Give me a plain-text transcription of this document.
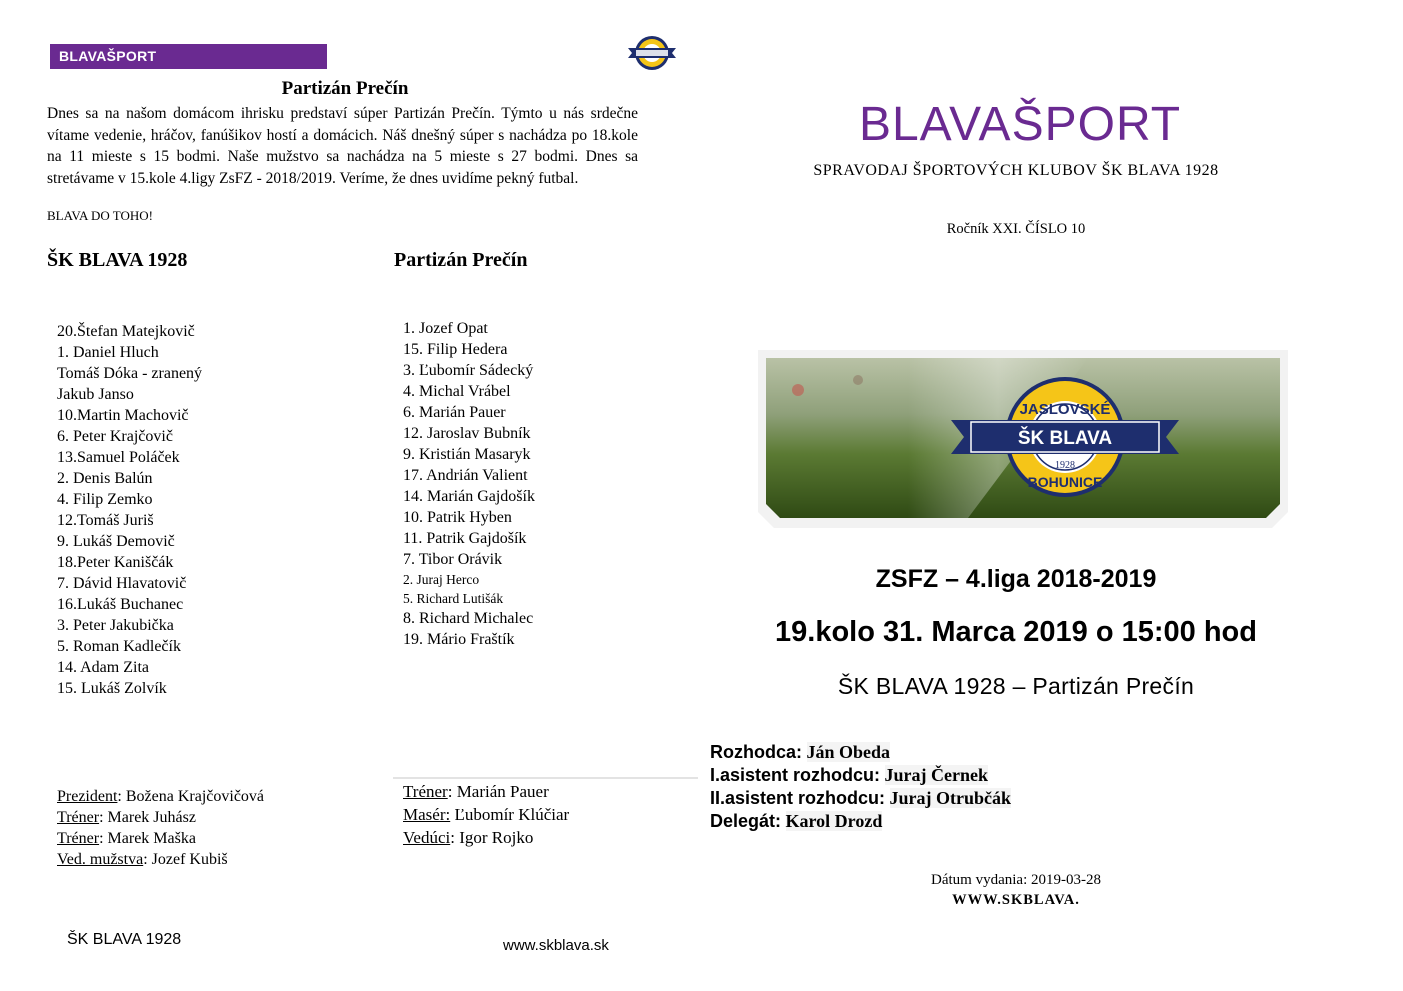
BLAVAŠPORT
Partizán Prečín
Dnes sa na našom domácom ihrisku predstaví súper Partizán Prečín. Týmto u nás srdečne vítame vedenie, hráčov, fanúšikov hostí a domácich. Náš dnešný súper s nachádza po 18.kole na 11 mieste s 15 bodmi. Naše mužstvo sa nachádza na 5 mieste s 27 bodmi. Dnes sa stretávame v 15.kole 4.ligy ZsFZ - 2018/2019. Veríme, že dnes uvidíme pekný futbal.
BLAVA DO TOHO!
ŠK BLAVA 1928	Partizán Prečín
20.Štefan Matejkovič
1. Daniel Hluch
Tomáš Dóka - zranený
Jakub Janso
10.Martin Machovič
6. Peter Krajčovič
13.Samuel Poláček
2. Denis Balún
4. Filip Zemko
12.Tomáš Juriš
9. Lukáš Demovič
18.Peter Kaniščák
7. Dávid Hlavatovič
16.Lukáš Buchanec
3. Peter Jakubička
5. Roman Kadlečík
14. Adam Zita
15. Lukáš Zolvík
1. Jozef Opat
15. Filip Hedera
3. Ľubomír Sádecký
4. Michal Vrábel
6. Marián Pauer
12. Jaroslav Bubník
9. Kristián Masaryk
17. Andrián Valient
14. Marián Gajdošík
10. Patrik Hyben
11. Patrik Gajdošík
7. Tibor Orávik
2. Juraj Herco
5. Richard Lutišák
8. Richard Michalec
19. Mário Fraštík
Prezident: Božena Krajčovičová
Tréner: Marek Juhász
Tréner: Marek Maška
Ved. mužstva: Jozef Kubiš
Tréner: Marián Pauer
Masér: Ľubomír Klúčiar
Vedúci: Igor Rojko
ŠK BLAVA 1928	www.skblava.sk
BLAVAŠPORT
SPRAVODAJ ŠPORTOVÝCH KLUBOV ŠK BLAVA 1928
Ročník XXI. ČÍSLO 10
ŠK BLAVA
JASLOVSKÉ
1928
BOHUNICE
ZSFZ – 4.liga 2018-2019
19.kolo 31. Marca 2019 o 15:00 hod
ŠK BLAVA 1928 – Partizán Prečín
Rozhodca: Ján Obeda
I.asistent rozhodcu: Juraj Černek
II.asistent rozhodcu: Juraj Otrubčák
Delegát: Karol Drozd
Dátum vydania: 2019-03-28
WWW.SKBLAVA.
